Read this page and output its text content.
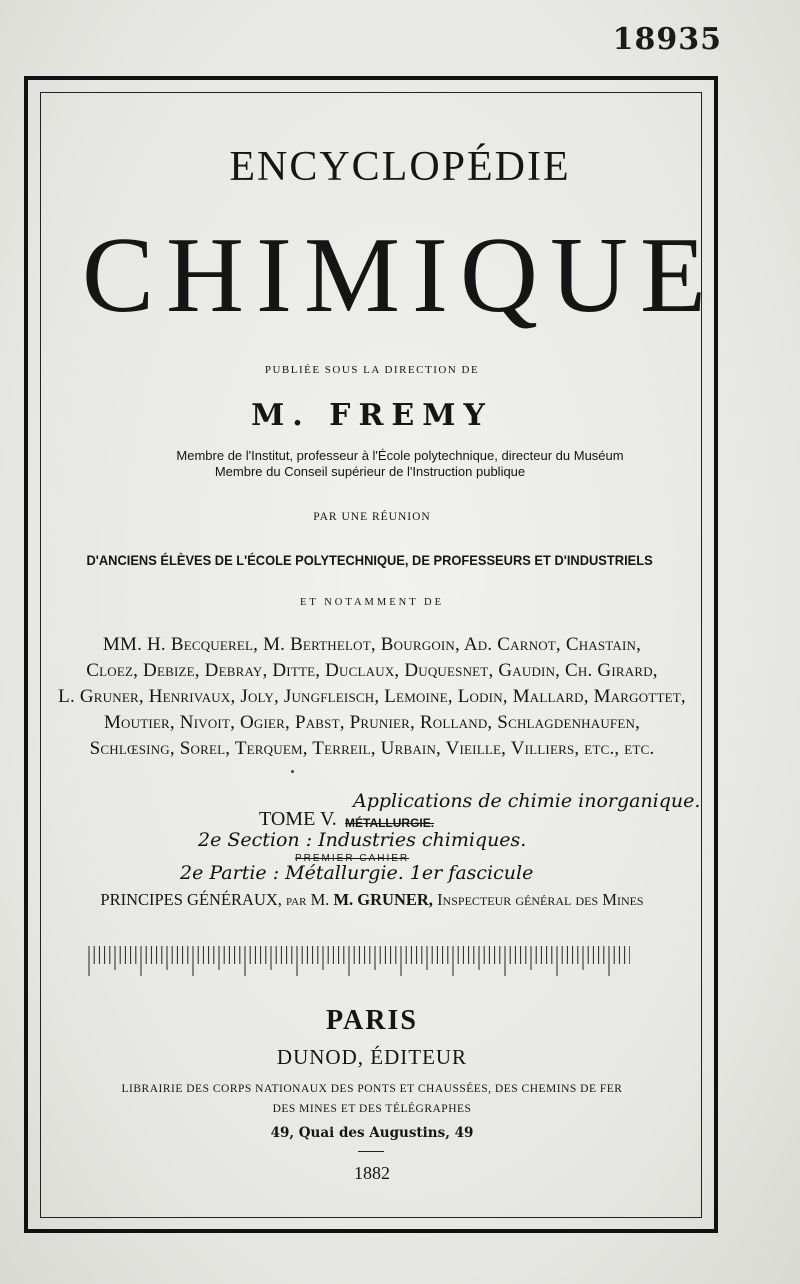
18935
ENCYCLOPÉDIE
CHIMIQUE
PUBLIÉE SOUS LA DIRECTION DE
M. FREMY
Membre de l'Institut, professeur à l'École polytechnique, directeur du Muséum
Membre du Conseil supérieur de l'Instruction publique
PAR UNE RÉUNION
D'ANCIENS ÉLÈVES DE L'ÉCOLE POLYTECHNIQUE, DE PROFESSEURS ET D'INDUSTRIELS
ET NOTAMMENT DE
MM. H. Becquerel, M. Berthelot, Bourgoin, Ad. Carnot, Chastain,
Cloez, Debize, Debray, Ditte, Duclaux, Duquesnet, Gaudin, Ch. Girard,
L. Gruner, Henrivaux, Joly, Jungfleisch, Lemoine, Lodin, Mallard, Margottet,
Moutier, Nivoit, Ogier, Pabst, Prunier, Rolland, Schlagdenhaufen,
Schlœsing, Sorel, Terquem, Terreil, Urbain, Vieille, Villiers, etc., etc.
TOME V. MÉTALLURGIE.
Applications de chimie inorganique.
2e Section : Industries chimiques.
PREMIER CAHIER
2e Partie : Métallurgie. 1er fascicule
PRINCIPES GÉNÉRAUX, par M. M. GRUNER, Inspecteur général des Mines
PARIS
DUNOD, ÉDITEUR
LIBRAIRIE DES CORPS NATIONAUX DES PONTS ET CHAUSSÉES, DES CHEMINS DE FER
DES MINES ET DES TÉLÉGRAPHES
49, Quai des Augustins, 49
1882
